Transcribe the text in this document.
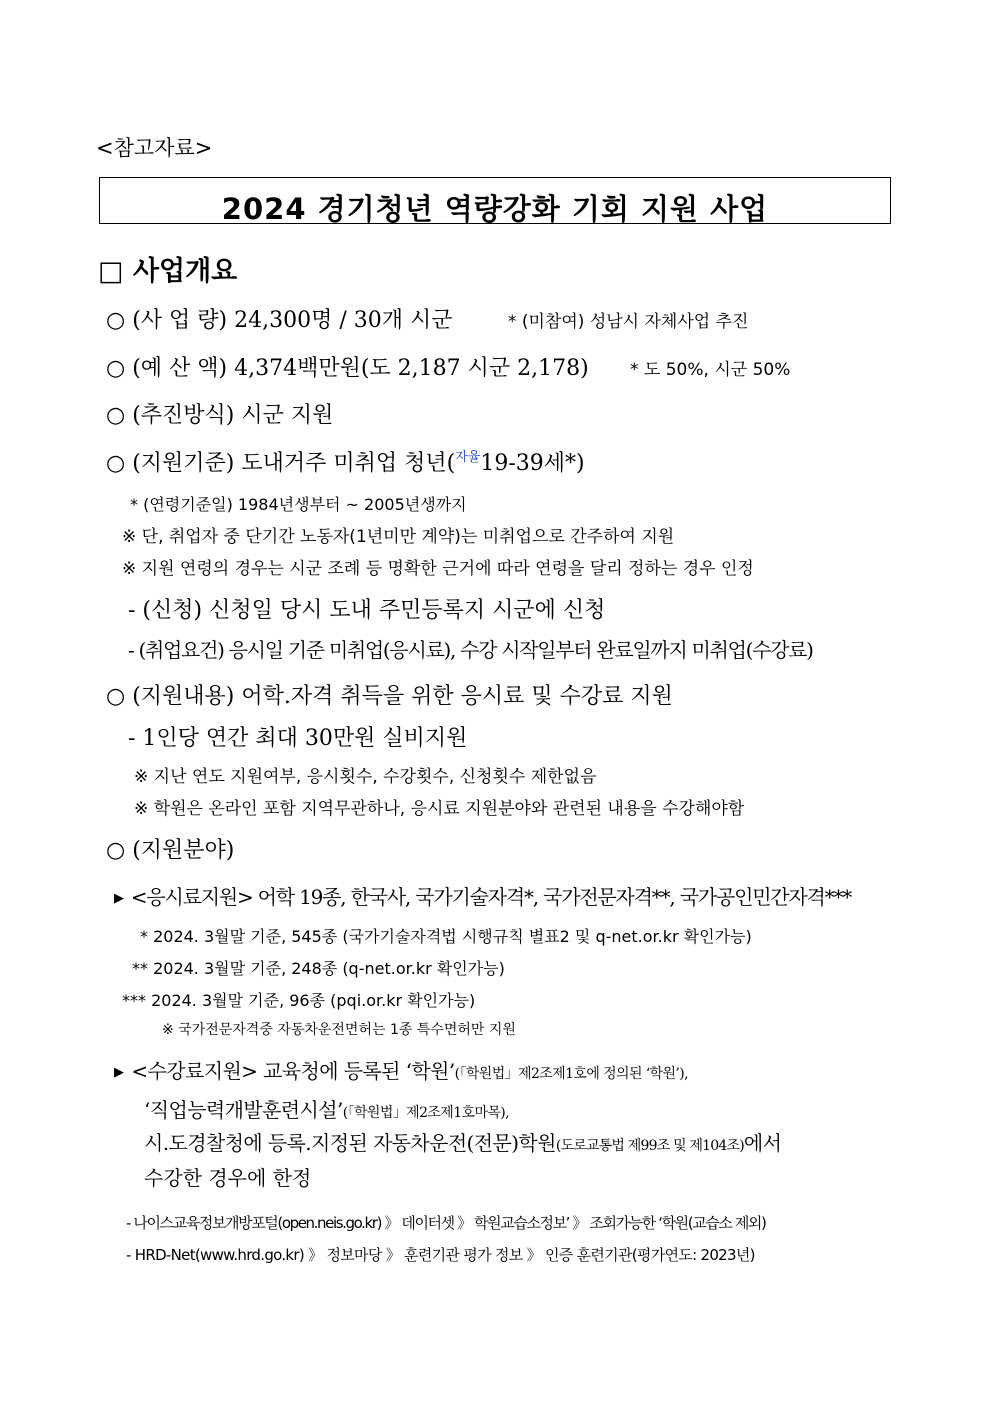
<참고자료>
2024 경기청년 역량강화 기회 지원 사업
□ 사업개요
○ (사 업 량) 24,300명 / 30개 시군	* (미참여) 성남시 자체사업 추진
○ (예 산 액) 4,374백만원(도 2,187 시군 2,178) * 도 50%, 시군 50%
○ (추진방식) 시군 지원
○ (지원기준) 도내거주 미취업 청년($^{자율}$19-39세*)
* (연령기준일) 1984년생부터 ~ 2005년생까지
※ 단, 취업자 중 단기간 노동자(1년미만 계약)는 미취업으로 간주하여 지원
※ 지원 연령의 경우는 시군 조례 등 명확한 근거에 따라 연령을 달리 정하는 경우 인정
- (신청) 신청일 당시 도내 주민등록지 시군에 신청
- (취업요건) 응시일 기준 미취업(응시료), 수강 시작일부터 완료일까지 미취업(수강료)
○ (지원내용) 어학.자격 취득을 위한 응시료 및 수강료 지원
- 1인당 연간 최대 30만원 실비지원
※ 지난 연도 지원여부, 응시횟수, 수강횟수, 신청횟수 제한없음
※ 학원은 온라인 포함 지역무관하나, 응시료 지원분야와 관련된 내용을 수강해야함
○ (지원분야)
▶ <응시료지원> 어학 19종, 한국사, 국가기술자격*, 국가전문자격**, 국가공인민간자격***
* 2024. 3월말 기준, 545종 (국가기술자격법 시행규칙 별표2 및 q-net.or.kr 확인가능)
** 2024. 3월말 기준, 248종 (q-net.or.kr 확인가능)
*** 2024. 3월말 기준, 96종 (pqi.or.kr 확인가능)
※ 국가전문자격중 자동차운전면허는 1종 특수면허만 지원
▶ <수강료지원> 교육청에 등록된 ‘학원’(「학원법」제2조제1호에 정의된 ‘학원’),
‘직업능력개발훈련시설’(「학원법」제2조제1호마목),
시.도경찰청에 등록.지정된 자동차운전(전문)학원(도로교통법 제99조 및 제104조)에서
수강한 경우에 한정
- 나이스교육정보개방포털(open.neis.go.kr) 》 데이터셋 》 학원교습소정보’ 》 조회가능한 ‘학원(교습소 제외)
- HRD-Net(www.hrd.go.kr) 》 정보마당 》 훈련기관 평가 정보 》 인증 훈련기관(평가연도: 2023년)
